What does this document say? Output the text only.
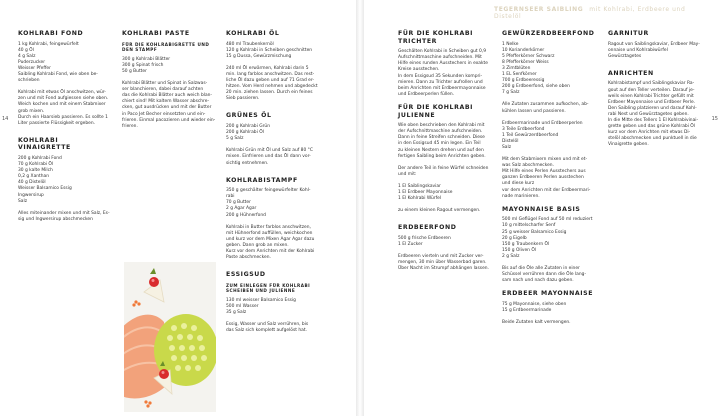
14
KOHLRABI FOND

1 kg Kohlrabi, feingewürfelt

40 g Öl

4 g Salz

Puderzucker

Weisser Pfeffer

Saibling Kohlrabi Fond, wie oben be-

schrieben

Kohlrabi mit etwas Öl anschwitzen, wür-

zen und mit Fond aufgiessen siehe oben.

Weich kochen und mit einem Stabmixer

grob mixen.

Durch ein Haarsieb passieren. Es sollte 1

Liter passierte Flüssigkeit ergeben.

KOHLRABI
VINAIGRETTE

200 g Kohlrabi Fond

70 g Kohlrabi Öl

30 g kalte Milch

0,2 g Xanthan

40 g Distelöl

Weisser Balsamico Essig

Ingwersirup

Salz

Alles miteinander mixen und mit Salz, Es-

sig und Ingwersirup abschmecken

KOHLRABI PASTE
FÜR DIE KOHLRABIGRETTE UND DEN STAMPF

300 g Kohlrabi Blätter

300 g Spinat frisch

50 g Butter

Kohlrabi Blätter und Spinat in Salzwas-

ser blanchieren, dabei darauf achten

das die Kohlrabi Blätter auch weich blan-

chiert sind! Mit kaltem Wasser abschre-

cken, gut ausdrücken und mit der Butter

in Paco Jet Becher einsetzten und ein-

frieren. Einmal pacozieren und wieder ein-

frieren.

KOHLRABI ÖL

480 ml Traubenkernöl

120 g Kohlrabi in Scheiben geschnitten

15 g Dussa, Gewürzmischung

240 ml Öl erwärmen, Kohlrabi darin 5

min. lang farblos anschwitzen. Das rest-

liche Öl dazu geben und auf 71 Grad er-

hitzen. Vom Herd nehmen und abgedeckt

20 min. ziehen lassen. Durch ein feines

Sieb passieren.

GRÜNES ÖL

200 g Kohlrabi Grün

200 g Kohlrabi Öl

5 g Salz

Kohlrabi Grün mit Öl und Salz auf 80 °C

mixen. Einfrieren und das Öl dann vor-

sichtig entnehmen.

KOHLRABISTAMPF

350 g geschälter feingewürfelter Kohl-

rabi

70 g Butter

2 g Agar Agar

200 g Hühnerfond

Kohlrabi in Butter farblos anschwitzen,

mit Hühnerfond auffüllen, weichkochen

und kurz vor dem Mixen Agar Agar dazu

geben. Dann grob an mixen.

Kurz vor dem Anrichten mit der Kohlrabi

Paste abschmecken.

ESSIGSUD
ZUM EINLEGEN FÜR KOHLRABI SCHEIBEN UND JULIENNE

130 ml weisser Balsamico Essig

500 ml Wasser

35 g Salz

Essig, Wasser und Salz verrühren, bis

das Salz sich komplett aufgelöst hat.

TEGERNSEER SAIBLING mit Kohlrabi, Erdbeere und
Distelöl
15
FÜR DIE KOHLRABI
TRICHTER

Geschälten Kohlrabi in Scheiben gut 0,9

Aufschnittmaschine aufschneiden. Mit

Hilfe eines runden Ausstechers in exakte

Kreise ausstechen.

In dem Essigsud 35 Sekunden kompri-

mieren. Dann zu Trichter aufrollen und

beim Anrichten mit Erdbeermayonnaise

und Erdbeerperlen füllen.

FÜR DIE KOHLRABI
JULIENNE

Wie oben beschrieben den Kohlrabi mit

der Aufschnittmaschine aufschneiden.

Dann in feine Streifen schneiden. Diese

in den Essigsud 45 min legen. Ein Teil

zu kleinen Nestern drehen und auf den

fertigen Saibling beim Anrichten geben.

Der andere Teil in feine Würfel schneiden

und mit:

1 El Saiblingskaviar

1 El Erdbeer Mayonnaise

1 El Kohlrabi Würfel

zu einem kleinen Ragout vermengen.

ERDBEERFOND

500 g frische Erdbeeren

1 El Zucker

Erdbeeren vierteln und mit Zucker ver-

mengen, 30 min über Wasserbad garen.

Über Nacht im Strumpf abhängen lassen.

GEWÜRZERDBEERFOND

1 Nelke

10 Korianderkörner

5 Pfefferkörner Schwarz

8 Pfefferkörner Weiss

3 Zimtblüten

1 EL Senfkörner

700 g Erdbeeressig

200 g Erdbeerfond, siehe oben

7 g Salz

Alle Zutaten zusammen aufkochen, ab-

kühlen lassen und passieren.

Erdbeermarinade und Erdbeerperlen

3 Teile Erdbeerfond

1 Teil Gewürzerdbeerfond

Distelöl

Salz

Mit dem Stabmixern mixen und mit et-

was Salz abschmecken.

Mit Hilfe eines Perlen Ausstechers aus

ganzen Erdbeeren Perlen ausstechen

und diese kurz

vor dem Anrichten mit der Erdbeermari-

nade marinieren.

MAYONNAISE BASIS

500 ml Geflügel Fond auf 50 ml reduziert

10 g mittelscharfer Senf

25 g weisser Balsamico Essig

20 g Eigelb

150 g Traubenkern Öl

150 g Oliven Öl

2 g Salz

Bis auf die Öle alle Zutaten in einer

Schüssel verrühren dann die Öle lang-

sam nach und nach dazu geben.

ERDBEER MAYONNAISE

75 g Mayonnaise, siehe oben

15 g Erdbeermarinade

Beide Zutaten kalt vermengen.

GARNITUR

Ragout von Saiblingskaviar, Erdbeer May-

onnaise und Kohlrabiwürfel

Gewürztagetes

ANRICHTEN

Kohlrabistampf und Saiblingskaviar Ra-

gout auf den Teller verteilen. Darauf je-

weils einen Kohlrabi Trichter gefüllt mit

Erdbeer Mayonnaise und Erdbeer Perle.

Den Saibling platzieren und darauf Kohl-

rabi Nest und Gewürztagetes geben.

In die Mitte des Tellers 1 El Kohlrabivinai-

grette geben und das grüne Kohlrabi Öl

kurz vor dem Anrichten mit etwas Di-

stelöl abschmecken und punktuell in die

Vinaigrette geben.
